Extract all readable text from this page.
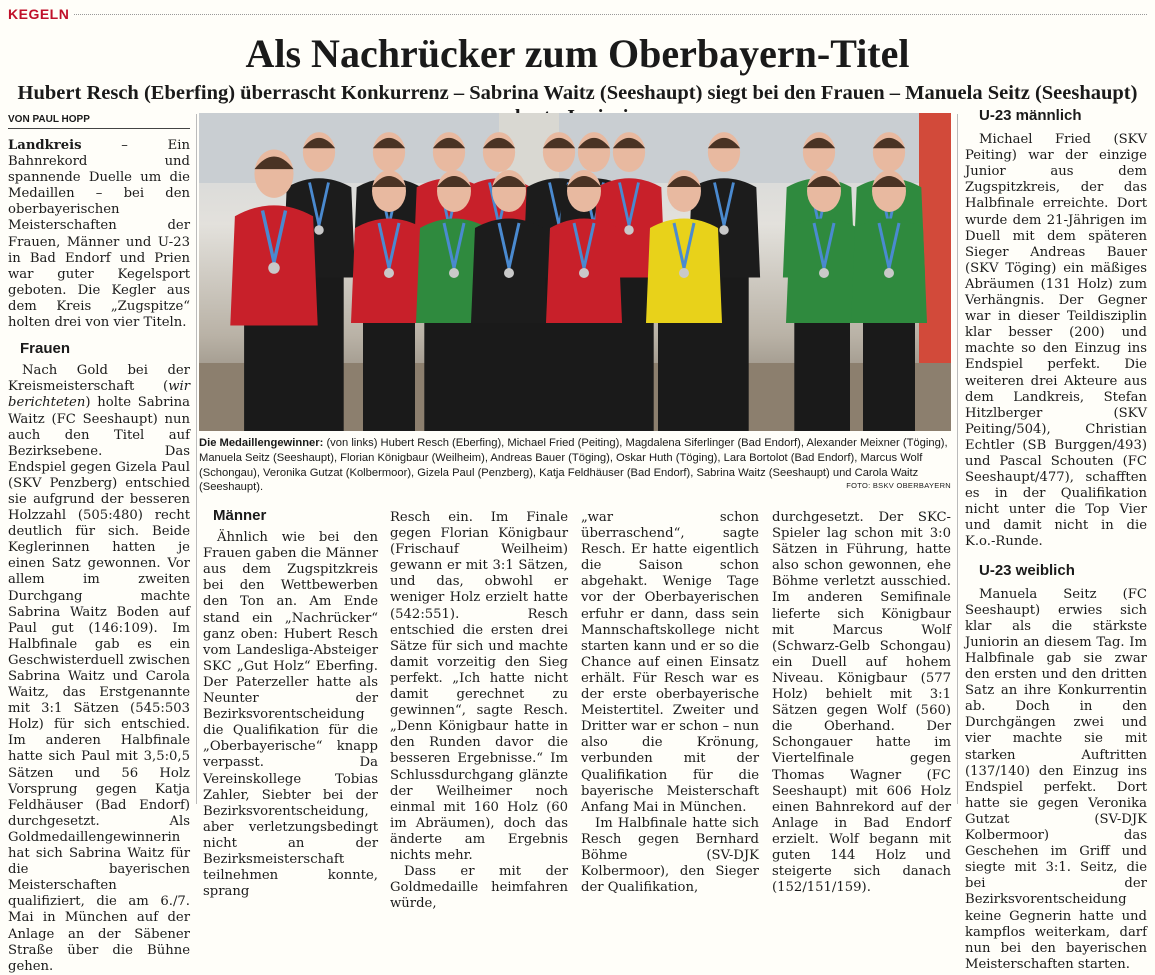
KEGELN
Als Nachrücker zum Oberbayern-Titel
Hubert Resch (Eberfing) überrascht Konkurrenz – Sabrina Waitz (Seeshaupt) siegt bei den Frauen – Manuela Seitz (Seeshaupt)
VON PAUL HOPP

Landkreis – Ein Bahnrekord und spannende Duelle um die Medaillen – bei den oberbayerischen Meisterschaften der Frauen, Männer und U-23 in Bad Endorf und Prien war guter Kegelsport geboten. Die Kegler aus dem Kreis „Zugspitze“ holten drei von vier Titeln.

Frauen

Nach Gold bei der Kreismeisterschaft (wir berichteten) holte Sabrina Waitz (FC Seeshaupt) nun auch den Titel auf Bezirksebene. Das Endspiel gegen Gizela Paul (SKV Penzberg) entschied sie aufgrund der besseren Holzzahl (505:480) recht deutlich für sich. Beide Keglerinnen hatten je einen Satz gewonnen. Vor allem im zweiten Durchgang machte Sabrina Waitz Boden auf Paul gut (146:109). Im Halbfinale gab es ein Geschwisterduell zwischen Sabrina Waitz und Carola Waitz, das Erstgenannte mit 3:1 Sätzen (545:503 Holz) für sich entschied. Im anderen Halbfinale hatte sich Paul mit 3,5:0,5 Sätzen und 56 Holz Vorsprung gegen Katja Feldhäuser (Bad Endorf) durchgesetzt. Als Goldmedaillengewinnerin hat sich Sabrina Waitz für die bayerischen Meisterschaften qualifiziert, die am 6./7. Mai in München auf der Anlage an der Säbener Straße über die Bühne gehen.

Die Medaillengewinner: (von links) Hubert Resch (Eberfing), Michael Fried (Peiting), Magdalena Siferlinger (Bad Endorf), Alexander Meixner (Töging), Manuela Seitz (Seeshaupt), Florian Königbaur (Weilheim), Andreas Bauer (Töging), Oskar Huth (Töging), Lara Bortolot (Bad Endorf), Marcus Wolf (Schongau), Veronika Gutzat (Kolbermoor), Gizela Paul (Penzberg), Katja Feldhäuser (Bad Endorf), Sabrina Waitz (Seeshaupt) und Carola Waitz (Seeshaupt).	FOTO: BSKV OBERBAYERN
Männer

Ähnlich wie bei den Frauen gaben die Männer aus dem Zugspitzkreis bei den Wettbewerben den Ton an. Am Ende stand ein „Nachrücker“ ganz oben: Hubert Resch vom Landesliga-Absteiger SKC „Gut Holz“ Eberfing. Der Paterzeller hatte als Neunter der Bezirksvorentscheidung die Qualifikation für die „Oberbayerische“ knapp verpasst. Da Vereinskollege Tobias Zahler, Siebter bei der Bezirksvorentscheidung, aber verletzungsbedingt nicht an der Bezirksmeisterschaft teilnehmen konnte, sprang

Resch ein. Im Finale gegen Florian Königbaur (Frischauf Weilheim) gewann er mit 3:1 Sätzen, und das, obwohl er weniger Holz erzielt hatte (542:551). Resch entschied die ersten drei Sätze für sich und machte damit vorzeitig den Sieg perfekt. „Ich hatte nicht damit gerechnet zu gewinnen“, sagte Resch. „Denn Königbaur hatte in den Runden davor die besseren Ergebnisse.“ Im Schlussdurchgang glänzte der Weilheimer noch einmal mit 160 Holz (60 im Abräumen), doch das änderte am Ergebnis nichts mehr.

Dass er mit der Goldmedaille heimfahren würde,

„war schon überraschend“, sagte Resch. Er hatte eigentlich die Saison schon abgehakt. Wenige Tage vor der Oberbayerischen erfuhr er dann, dass sein Mannschaftskollege nicht starten kann und er so die Chance auf einen Einsatz erhält. Für Resch war es der erste oberbayerische Meistertitel. Zweiter und Dritter war er schon – nun also die Krönung, verbunden mit der Qualifikation für die bayerische Meisterschaft Anfang Mai in München.

Im Halbfinale hatte sich Resch gegen Bernhard Böhme (SV-DJK Kolbermoor), den Sieger der Qualifikation,

durchgesetzt. Der SKC-Spieler lag schon mit 3:0 Sätzen in Führung, hatte also schon gewonnen, ehe Böhme verletzt ausschied. Im anderen Semifinale lieferte sich Königbaur mit Marcus Wolf (Schwarz-Gelb Schongau) ein Duell auf hohem Niveau. Königbaur (577 Holz) behielt mit 3:1 Sätzen gegen Wolf (560) die Oberhand. Der Schongauer hatte im Viertelfinale gegen Thomas Wagner (FC Seeshaupt) mit 606 Holz einen Bahnrekord auf der Anlage in Bad Endorf erzielt. Wolf begann mit guten 144 Holz und steigerte sich danach (152/151/159).

U-23 männlich

Michael Fried (SKV Peiting) war der einzige Junior aus dem Zugspitzkreis, der das Halbfinale erreichte. Dort wurde dem 21-Jährigen im Duell mit dem späteren Sieger Andreas Bauer (SKV Töging) ein mäßiges Abräumen (131 Holz) zum Verhängnis. Der Gegner war in dieser Teildisziplin klar besser (200) und machte so den Einzug ins Endspiel perfekt. Die weiteren drei Akteure aus dem Landkreis, Stefan Hitzlberger (SKV Peiting/504), Christian Echtler (SB Burggen/493) und Pascal Schouten (FC Seeshaupt/477), schafften es in der Qualifikation nicht unter die Top Vier und damit nicht in die K.o.-Runde.

U-23 weiblich

Manuela Seitz (FC Seeshaupt) erwies sich klar als die stärkste Juniorin an diesem Tag. Im Halbfinale gab sie zwar den ersten und den dritten Satz an ihre Konkurrentin ab. Doch in den Durchgängen zwei und vier machte sie mit starken Auftritten (137/140) den Einzug ins Endspiel perfekt. Dort hatte sie gegen Veronika Gutzat (SV-DJK Kolbermoor) das Geschehen im Griff und siegte mit 3:1. Seitz, die bei der Bezirksvorentscheidung keine Gegnerin hatte und kampflos weiterkam, darf nun bei den bayerischen Meisterschaften starten.
